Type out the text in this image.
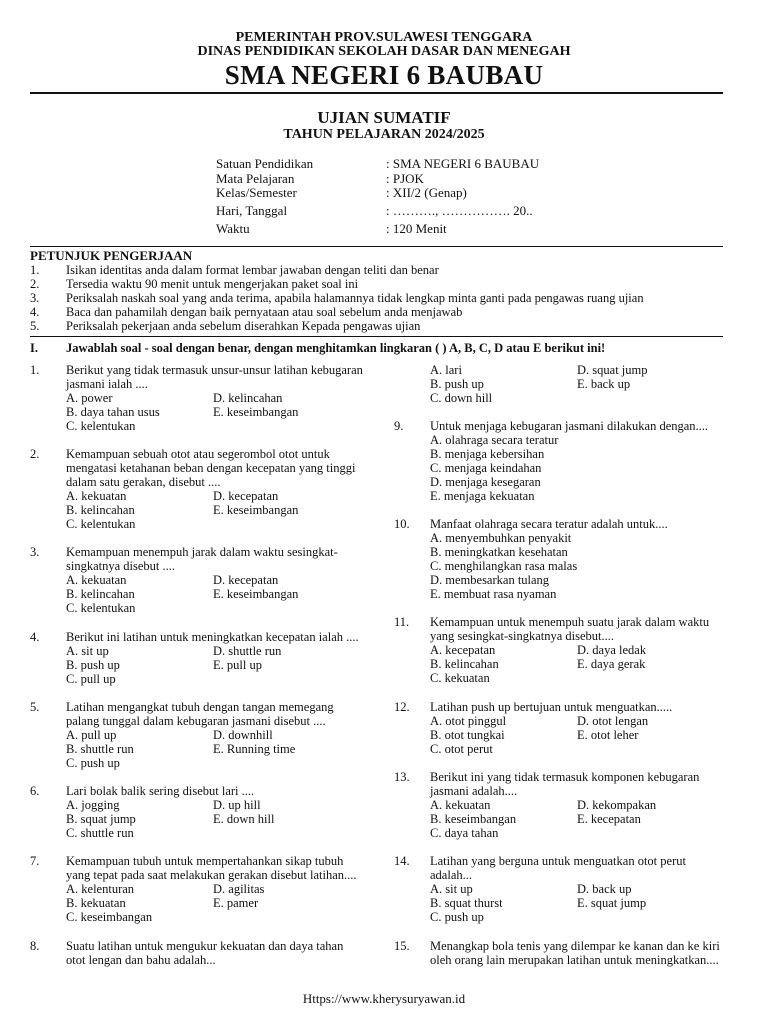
PEMERINTAH PROV.SULAWESI TENGGARA
DINAS PENDIDIKAN SEKOLAH DASAR DAN MENEGAH
SMA NEGERI 6 BAUBAU
UJIAN SUMATIF
TAHUN PELAJARAN 2024/2025
Satuan Pendidikan	: SMA NEGERI 6 BAUBAU
Mata Pelajaran	: PJOK
Kelas/Semester	: XII/2 (Genap)
Hari, Tanggal	: ………., ……………. 20..
Waktu	: 120 Menit
PETUNJUK PENGERJAAN
1. Isikan identitas anda dalam format lembar jawaban dengan teliti dan benar
2. Tersedia waktu 90 menit untuk mengerjakan paket soal ini
3. Periksalah naskah soal yang anda terima, apabila halamannya tidak lengkap minta ganti pada pengawas ruang ujian
4. Baca dan pahamilah dengan baik pernyataan atau soal sebelum anda menjawab
5. Periksalah pekerjaan anda sebelum diserahkan Kepada pengawas ujian
I. Jawablah soal - soal dengan benar, dengan menghitamkan lingkaran ( ) A, B, C, D atau E berikut ini!
1. Berikut yang tidak termasuk unsur-unsur latihan kebugaran
jasmani ialah ....
A. power	D. kelincahan
B. daya tahan usus	E. keseimbangan
C. kelentukan
2. Kemampuan sebuah otot atau segerombol otot untuk
mengatasi ketahanan beban dengan kecepatan yang tinggi
dalam satu gerakan, disebut ....
A. kekuatan	D. kecepatan
B. kelincahan	E. keseimbangan
C. kelentukan
3. Kemampuan menempuh jarak dalam waktu sesingkat-
singkatnya disebut ....
A. kekuatan	D. kecepatan
B. kelincahan	E. keseimbangan
C. kelentukan
4. Berikut ini latihan untuk meningkatkan kecepatan ialah ....
A. sit up	D. shuttle run
B. push up	E. pull up
C. pull up
5. Latihan mengangkat tubuh dengan tangan memegang
palang tunggal dalam kebugaran jasmani disebut ....
A. pull up	D. downhill
B. shuttle run	E. Running time
C. push up
6. Lari bolak balik sering disebut lari ....
A. jogging	D. up hill
B. squat jump	E. down hill
C. shuttle run
7. Kemampuan tubuh untuk mempertahankan sikap tubuh
yang tepat pada saat melakukan gerakan disebut latihan....
A. kelenturan	D. agilitas
B. kekuatan	E. pamer
C. keseimbangan
8. Suatu latihan untuk mengukur kekuatan dan daya tahan
otot lengan dan bahu adalah...
A. lari	D. squat jump
B. push up	E. back up
C. down hill
9. Untuk menjaga kebugaran jasmani dilakukan dengan....
A. olahraga secara teratur
B. menjaga kebersihan
C. menjaga keindahan
D. menjaga kesegaran
E. menjaga kekuatan
10. Manfaat olahraga secara teratur adalah untuk....
A. menyembuhkan penyakit
B. meningkatkan kesehatan
C. menghilangkan rasa malas
D. membesarkan tulang
E. membuat rasa nyaman
11. Kemampuan untuk menempuh suatu jarak dalam waktu
yang sesingkat-singkatnya disebut....
A. kecepatan	D. daya ledak
B. kelincahan	E. daya gerak
C. kekuatan
12. Latihan push up bertujuan untuk menguatkan.....
A. otot pinggul	D. otot lengan
B. otot tungkai	E. otot leher
C. otot perut
13. Berikut ini yang tidak termasuk komponen kebugaran
jasmani adalah....
A. kekuatan	D. kekompakan
B. keseimbangan	E. kecepatan
C. daya tahan
14. Latihan yang berguna untuk menguatkan otot perut
adalah...
A. sit up	D. back up
B. squat thurst	E. squat jump
C. push up
15. Menangkap bola tenis yang dilempar ke kanan dan ke kiri
oleh orang lain merupakan latihan untuk meningkatkan....
Https://www.kherysuryawan.id
